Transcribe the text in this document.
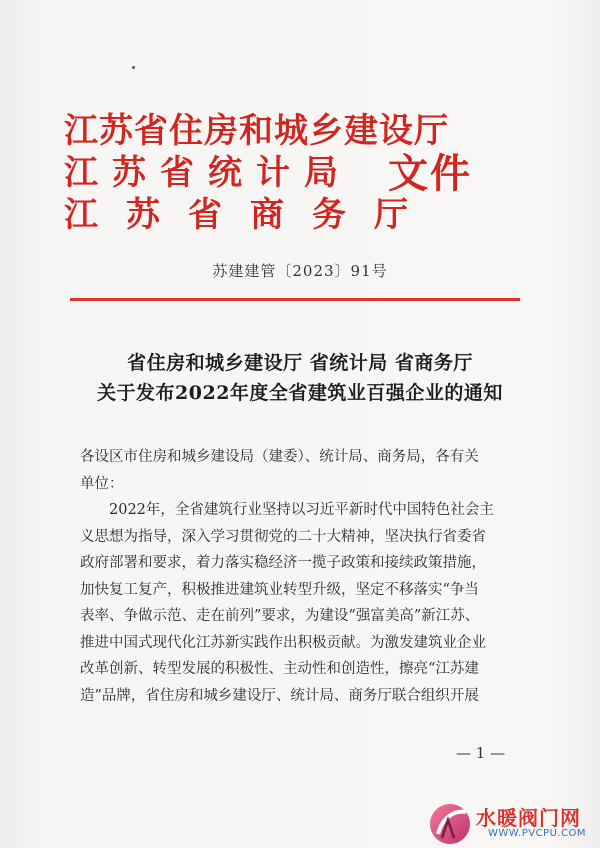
江苏省住房和城乡建设厅
江苏省统计局
江苏省商务厅
文件
苏建建管〔2023〕91号
省住房和城乡建设厅 省统计局 省商务厅
关于发布2022年度全省建筑业百强企业的通知

各设区市住房和城乡建设局（建委）、统计局、商务局，各有关

单位：

2022年，全省建筑行业坚持以习近平新时代中国特色社会主

义思想为指导，深入学习贯彻党的二十大精神，坚决执行省委省

政府部署和要求，着力落实稳经济一揽子政策和接续政策措施，

加快复工复产，积极推进建筑业转型升级，坚定不移落实“争当

表率、争做示范、走在前列”要求，为建设“强富美高”新江苏、

推进中国式现代化江苏新实践作出积极贡献。为激发建筑业企业

改革创新、转型发展的积极性、主动性和创造性，擦亮“江苏建

造”品牌，省住房和城乡建设厅、统计局、商务厅联合组织开展

— 1 —
水暖阀门网
WWW.PVCPU.COM
